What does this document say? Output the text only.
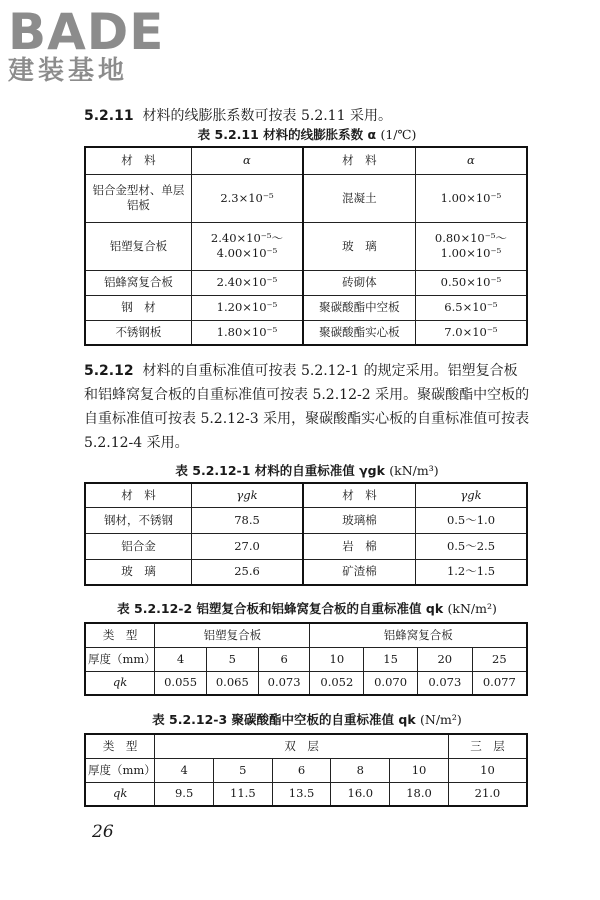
BADE
建装基地

5.2.11 材料的线膨胀系数可按表 5.2.11 采用。

表 5.2.11 材料的线膨胀系数 α (1/℃)
材　料	α	材　料	α
铝合金型材、单层铝板	2.3×10⁻⁵	混凝土	1.00×10⁻⁵
铝塑复合板	2.40×10⁻⁵～4.00×10⁻⁵	玻　璃	0.80×10⁻⁵～1.00×10⁻⁵
铝蜂窝复合板	2.40×10⁻⁵	砖砌体	0.50×10⁻⁵
钢　材	1.20×10⁻⁵	聚碳酸酯中空板	6.5×10⁻⁵
不锈钢板	1.80×10⁻⁵	聚碳酸酯实心板	7.0×10⁻⁵

5.2.12 材料的自重标准值可按表 5.2.12-1 的规定采用。铝塑复合板和铝蜂窝复合板的自重标准值可按表 5.2.12-2 采用。聚碳酸酯中空板的自重标准值可按表 5.2.12-3 采用，聚碳酸酯实心板的自重标准值可按表 5.2.12-4 采用。

表 5.2.12-1 材料的自重标准值 γgk (kN/m³)
材　料	γgk	材　料	γgk
钢材，不锈钢	78.5	玻璃棉	0.5～1.0
铝合金	27.0	岩　棉	0.5～2.5
玻　璃	25.6	矿渣棉	1.2～1.5
表 5.2.12-2 铝塑复合板和铝蜂窝复合板的自重标准值 qk (kN/m²)
类　型	铝塑复合板			铝蜂窝复合板			
厚度（mm）	4	5	6	10	15	20	25
qk	0.055	0.065	0.073	0.052	0.070	0.073	0.077
表 5.2.12-3 聚碳酸酯中空板的自重标准值 qk (N/m²)
类　型	双　层					三　层
厚度（mm）	4	5	6	8	10	10
qk	9.5	11.5	13.5	16.0	18.0	21.0
26
